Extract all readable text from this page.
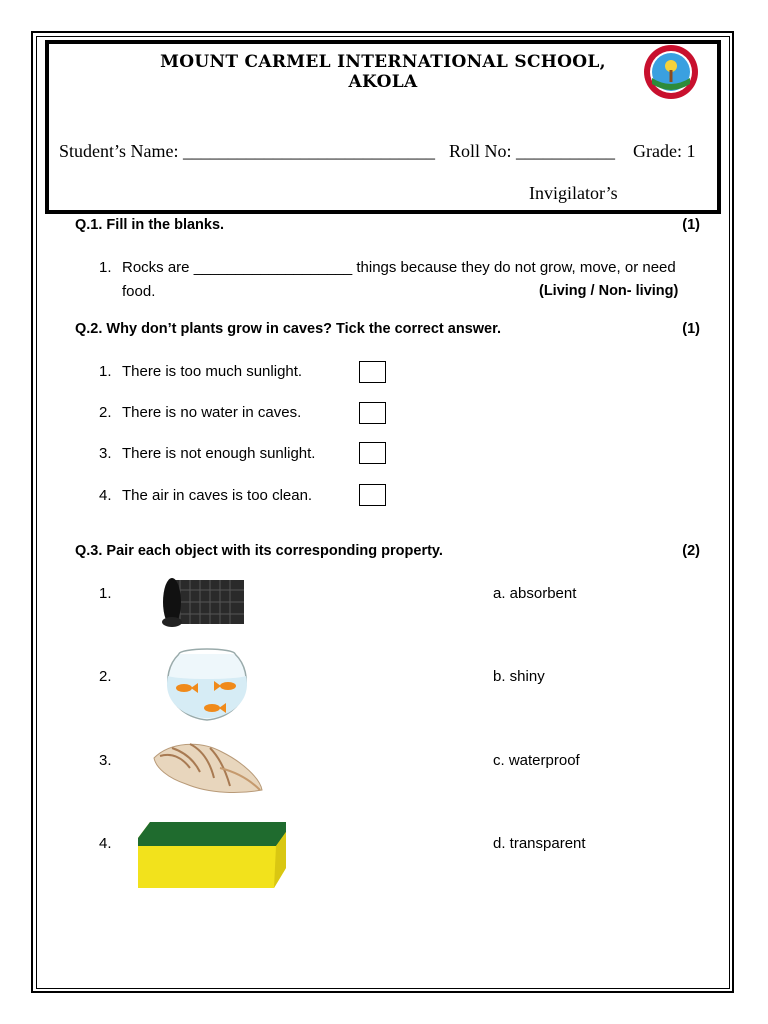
MOUNT CARMEL INTERNATIONAL SCHOOL, AKOLA
Student’s Name: ____________________________ Roll No: ___________ Grade: 1
Invigilator’s
Q.1. Fill in the blanks.	(1)
1. Rocks are ___________________ things because they do not grow, move, or need
food.	(Living / Non- living)
Q.2. Why don’t plants grow in caves? Tick the correct answer.	(1)
1. There is too much sunlight.
2. There is no water in caves.
3. There is not enough sunlight.
4. The air in caves is too clean.
Q.3. Pair each object with its corresponding property.	(2)
1.	a. absorbent
2.	b. shiny
3.	c. waterproof
4.	d. transparent
